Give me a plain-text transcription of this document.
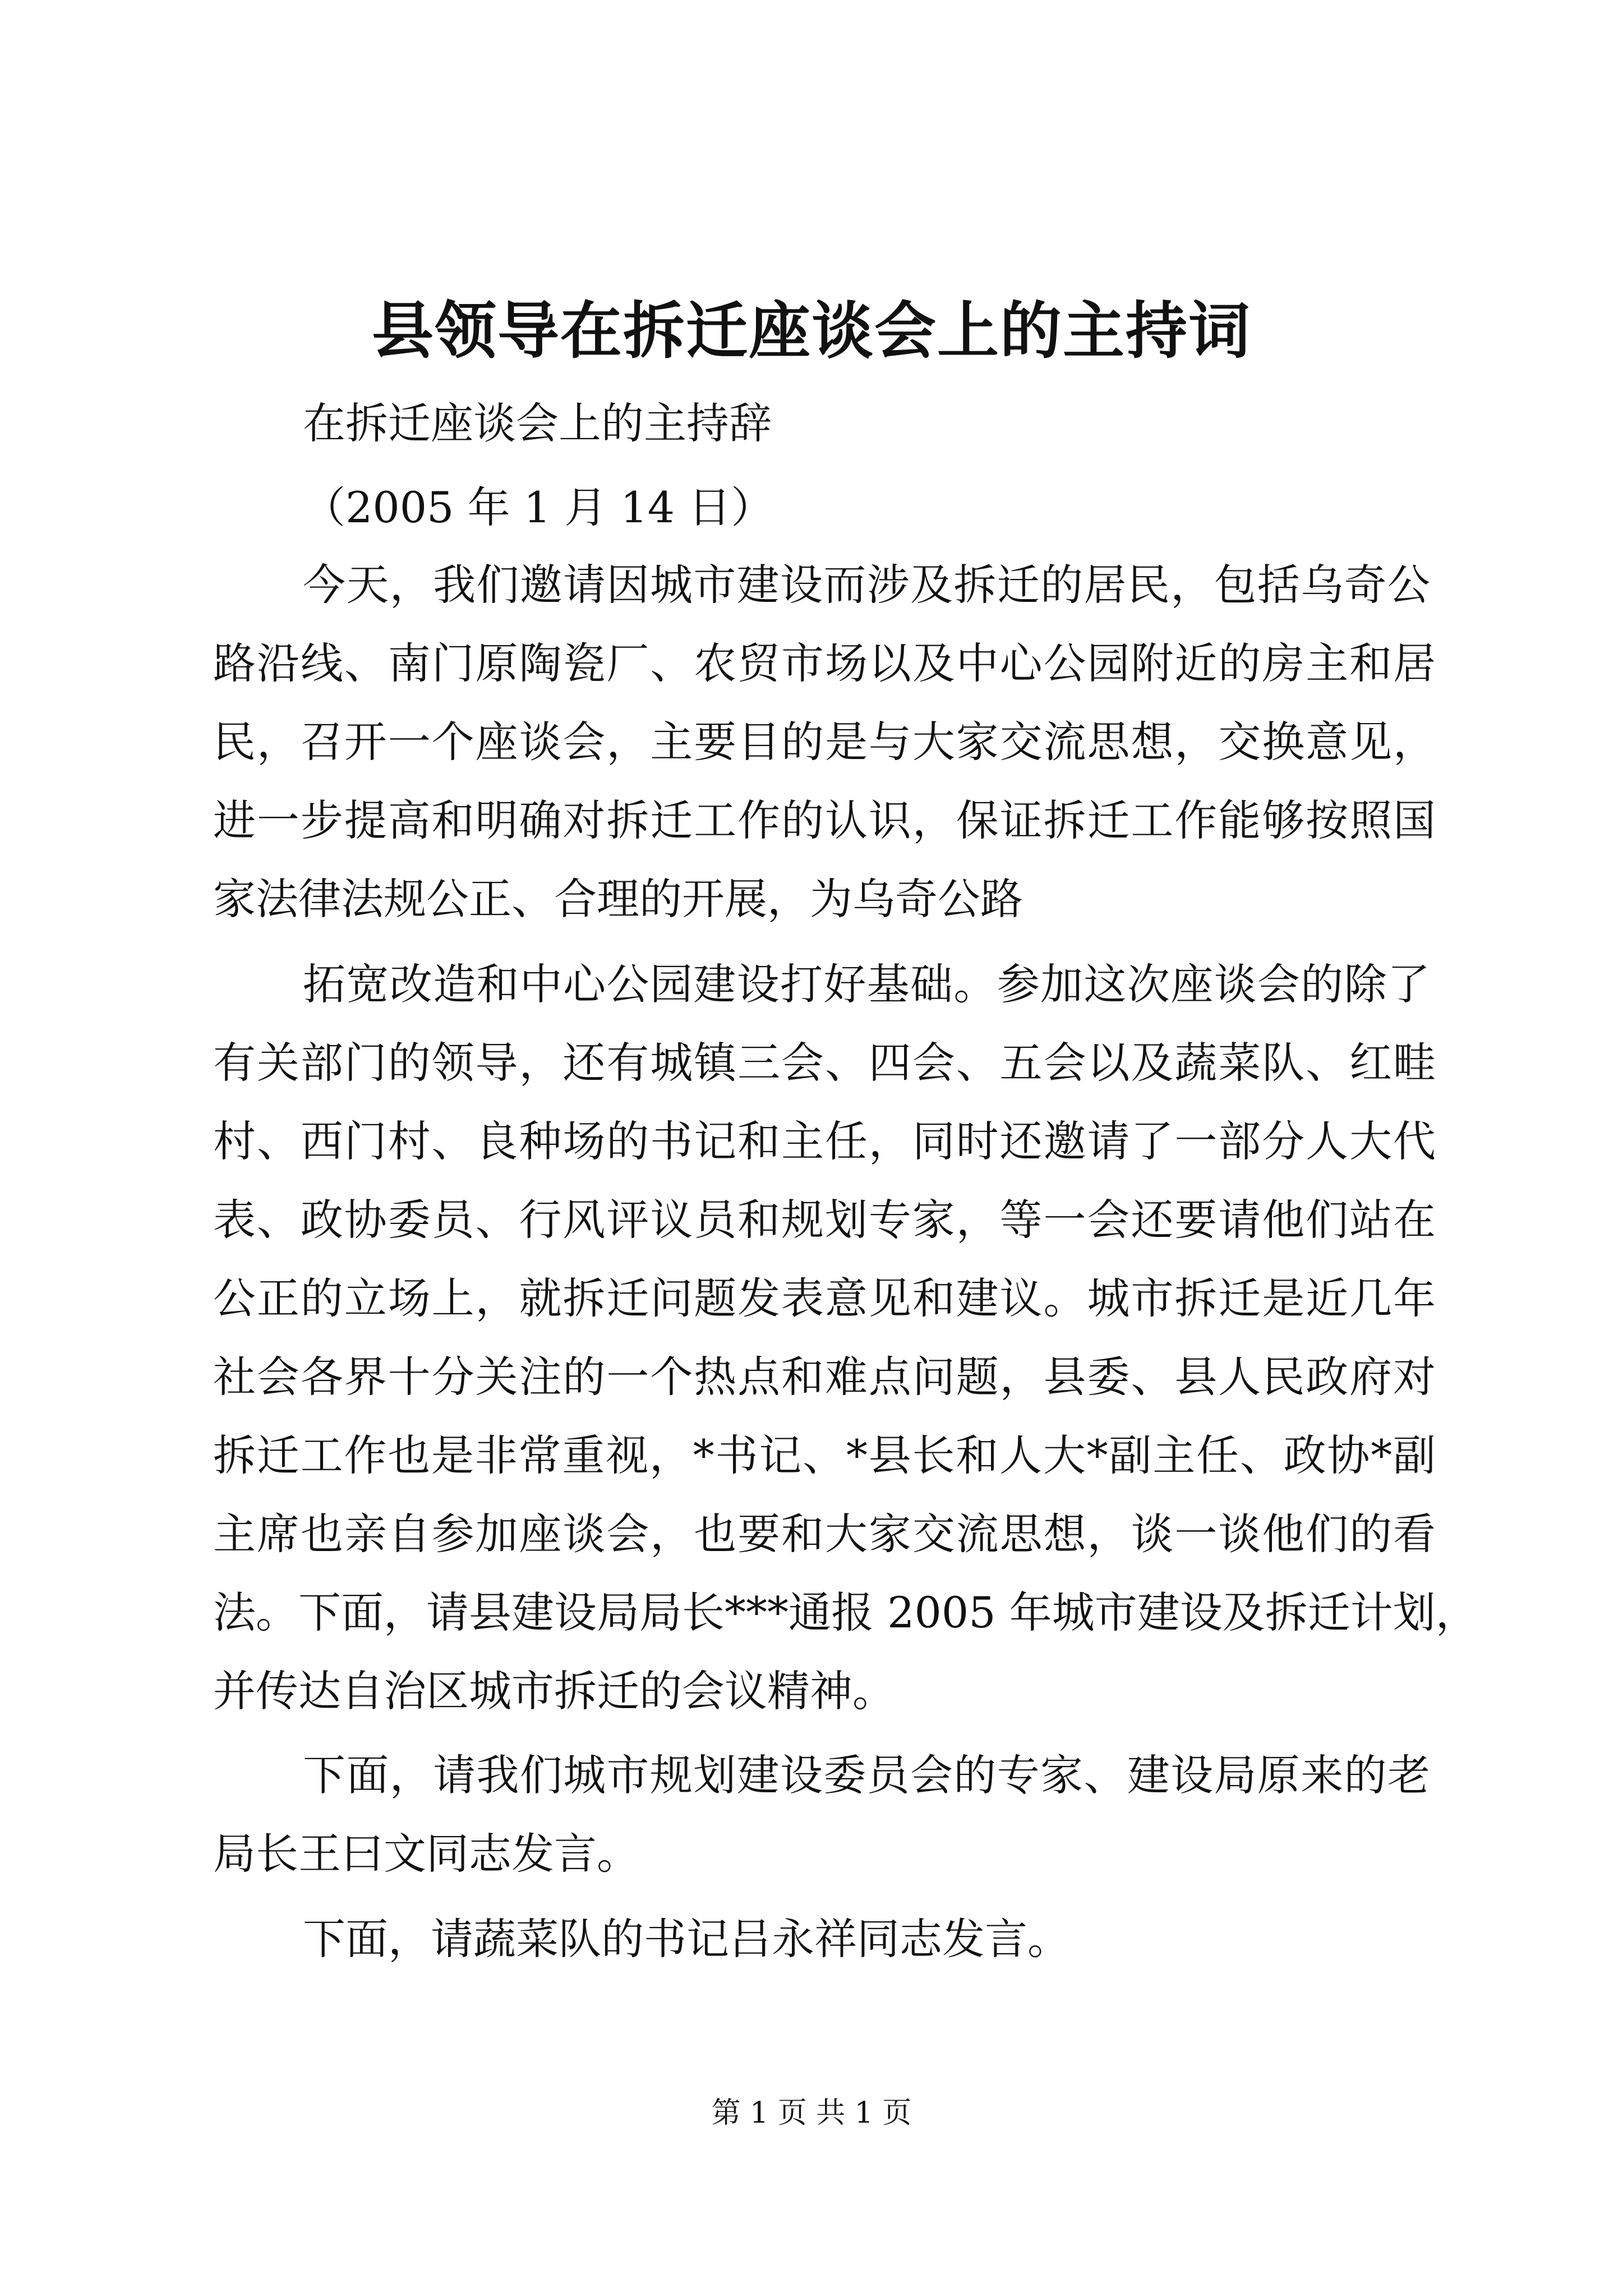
县领导在拆迁座谈会上的主持词
在拆迁座谈会上的主持辞
（2005 年 1 月 14 日）
今天，我们邀请因城市建设而涉及拆迁的居民，包括乌奇公
路沿线、南门原陶瓷厂、农贸市场以及中心公园附近的房主和居
民，召开一个座谈会，主要目的是与大家交流思想，交换意见，
进一步提高和明确对拆迁工作的认识，保证拆迁工作能够按照国
家法律法规公正、合理的开展，为乌奇公路
拓宽改造和中心公园建设打好基础。参加这次座谈会的除了
有关部门的领导，还有城镇三会、四会、五会以及蔬菜队、红畦
村、西门村、良种场的书记和主任，同时还邀请了一部分人大代
表、政协委员、行风评议员和规划专家，等一会还要请他们站在
公正的立场上，就拆迁问题发表意见和建议。城市拆迁是近几年
社会各界十分关注的一个热点和难点问题，县委、县人民政府对
拆迁工作也是非常重视，*书记、*县长和人大*副主任、政协*副
主席也亲自参加座谈会，也要和大家交流思想，谈一谈他们的看
法。下面，请县建设局局长***通报 2005 年城市建设及拆迁计划，
并传达自治区城市拆迁的会议精神。
下面，请我们城市规划建设委员会的专家、建设局原来的老
局长王曰文同志发言。
下面，请蔬菜队的书记吕永祥同志发言。
第 1 页 共 1 页
